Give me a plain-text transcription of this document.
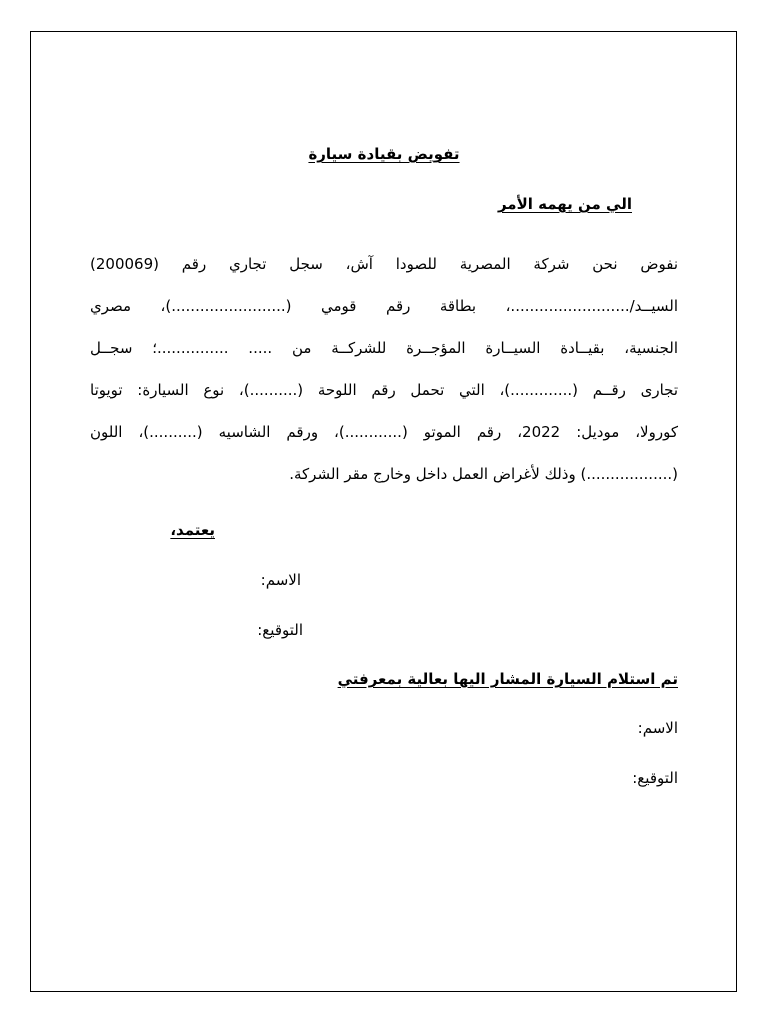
تفويض بقيادة سيارة
الي من يهمه الأمر
نفوض نحن شركة المصرية للصودا آش، سجل تجاري رقم (200069)
السيــد/.........................، بطاقة رقم قومي (........................)، مصري
الجنسية، بقيــادة السيــارة المؤجــرة للشركــة من ..... ...............؛ سجــل
تجارى رقــم (.............)، التي تحمل رقم اللوحة (..........)، نوع السيارة: تويوتا
كورولا، موديل: 2022، رقم الموتو (............)، ورقم الشاسيه (..........)، اللون
(..................) وذلك لأغراض العمل داخل وخارج مقر الشركة.
يعتمد،
الاسم:
التوقيع:
تم استلام السيارة المشار اليها بعالية بمعرفتي
الاسم:
التوقيع:
